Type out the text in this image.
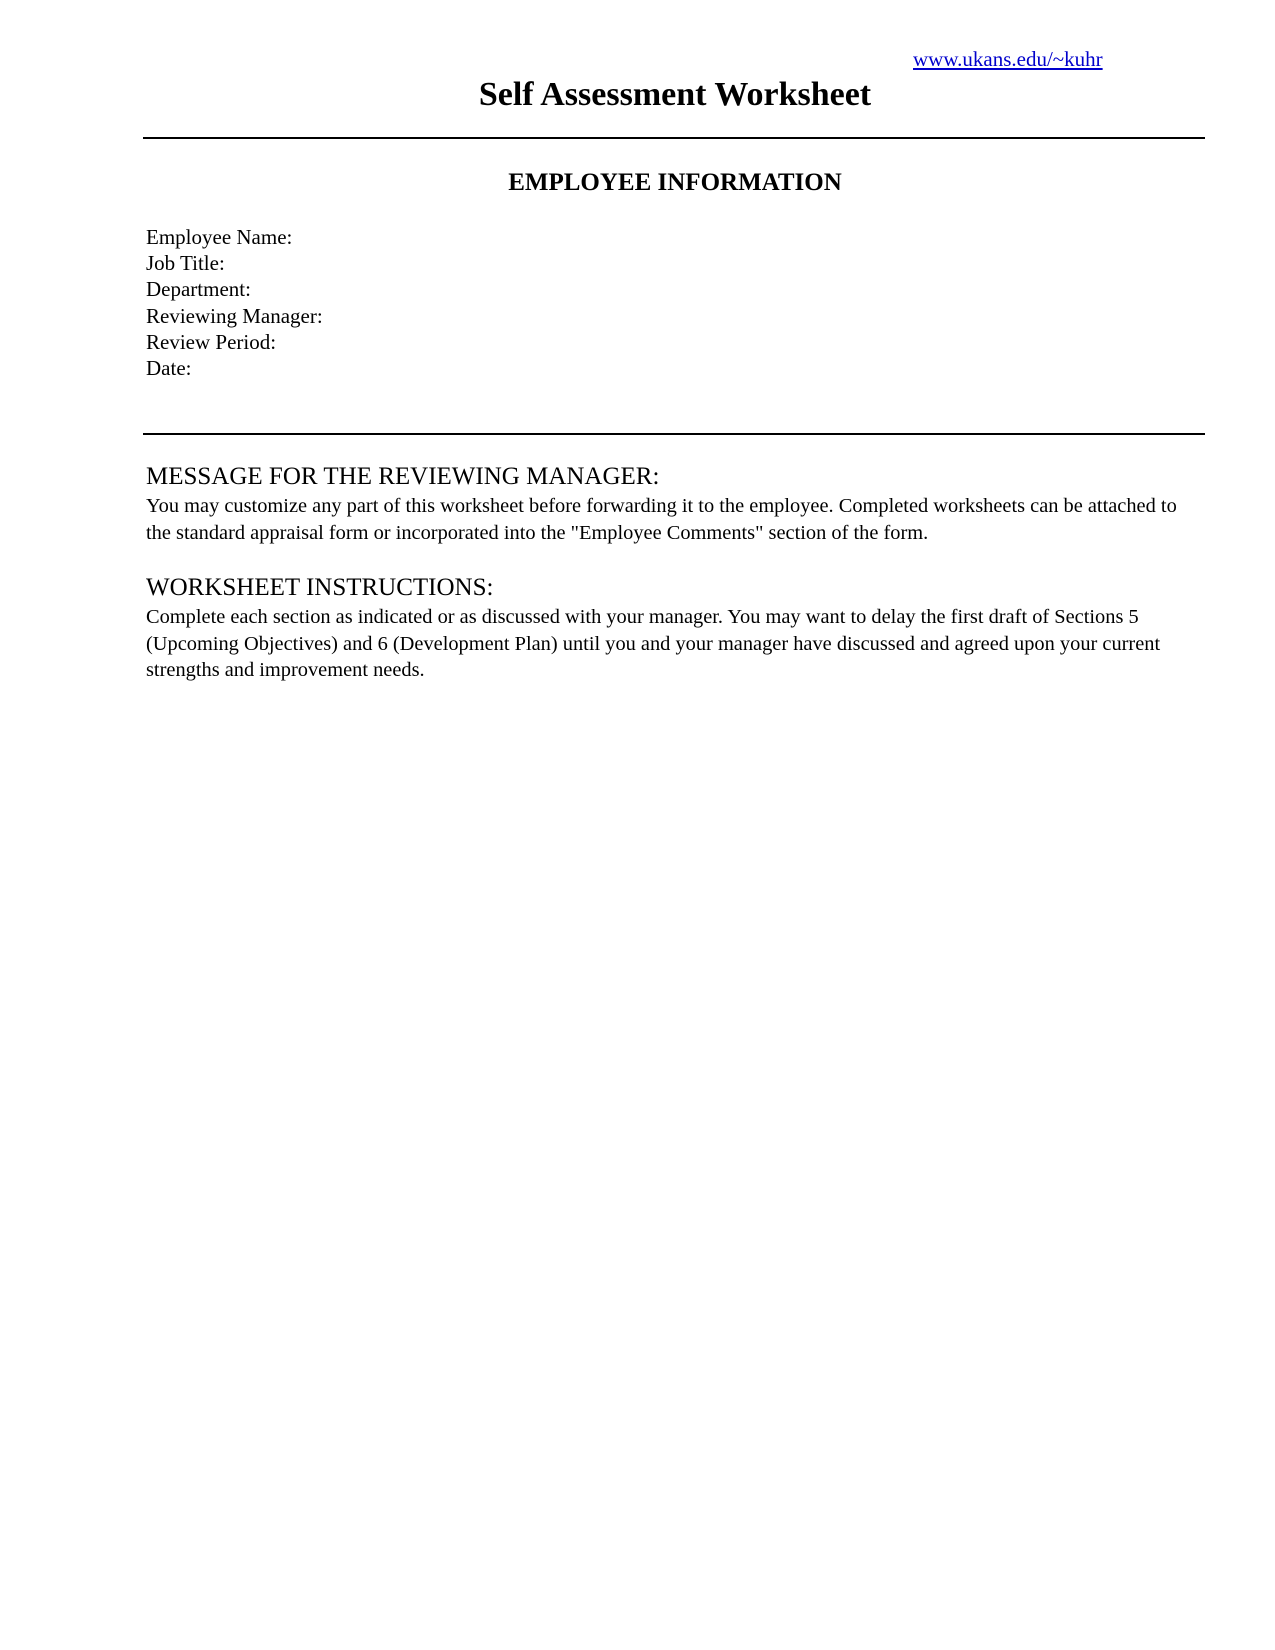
www.ukans.edu/~kuhr
Self Assessment Worksheet
EMPLOYEE INFORMATION
Employee Name:
Job Title:
Department:
Reviewing Manager:
Review Period:
Date:
MESSAGE FOR THE REVIEWING MANAGER:

You may customize any part of this worksheet before forwarding it to the employee. Completed worksheets can be attached to
the standard appraisal form or incorporated into the "Employee Comments" section of the form.

WORKSHEET INSTRUCTIONS:

Complete each section as indicated or as discussed with your manager. You may want to delay the first draft of Sections 5
(Upcoming Objectives) and 6 (Development Plan) until you and your manager have discussed and agreed upon your current
strengths and improvement needs.
